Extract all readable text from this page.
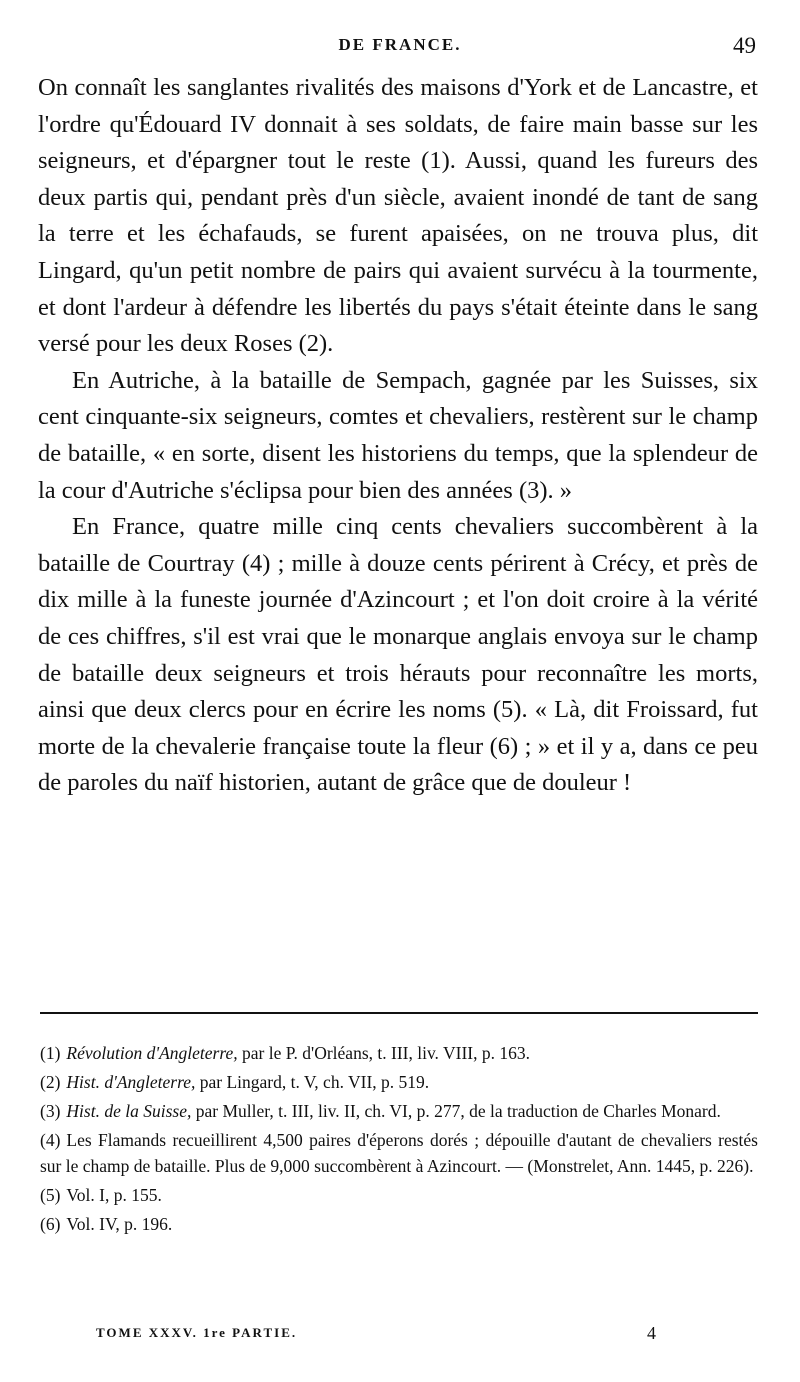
DE FRANCE.	49

On connaît les sanglantes rivalités des maisons d'York et de Lancastre, et l'ordre qu'Édouard IV donnait à ses soldats, de faire main basse sur les seigneurs, et d'épargner tout le reste (1). Aussi, quand les fureurs des deux partis qui, pendant près d'un siècle, avaient inondé de tant de sang la terre et les échafauds, se furent apaisées, on ne trouva plus, dit Lingard, qu'un petit nombre de pairs qui avaient survécu à la tourmente, et dont l'ardeur à défendre les libertés du pays s'était éteinte dans le sang versé pour les deux Roses (2).

En Autriche, à la bataille de Sempach, gagnée par les Suisses, six cent cinquante-six seigneurs, comtes et chevaliers, restèrent sur le champ de bataille, « en sorte, disent les historiens du temps, que la splendeur de la cour d'Autriche s'éclipsa pour bien des années (3). »

En France, quatre mille cinq cents chevaliers succombèrent à la bataille de Courtray (4) ; mille à douze cents périrent à Crécy, et près de dix mille à la funeste journée d'Azincourt ; et l'on doit croire à la vérité de ces chiffres, s'il est vrai que le monarque anglais envoya sur le champ de bataille deux seigneurs et trois hérauts pour reconnaître les morts, ainsi que deux clercs pour en écrire les noms (5). « Là, dit Froissard, fut morte de la chevalerie française toute la fleur (6) ; » et il y a, dans ce peu de paroles du naïf historien, autant de grâce que de douleur !

(1) Révolution d'Angleterre, par le P. d'Orléans, t. III, liv. VIII, p. 163.

(2) Hist. d'Angleterre, par Lingard, t. V, ch. VII, p. 519.

(3) Hist. de la Suisse, par Muller, t. III, liv. II, ch. VI, p. 277, de la traduction de Charles Monard.

(4) Les Flamands recueillirent 4,500 paires d'éperons dorés ; dépouille d'autant de chevaliers restés sur le champ de bataille. Plus de 9,000 succombèrent à Azincourt. — (Monstrelet, Ann. 1445, p. 226).

(5) Vol. I, p. 155.

(6) Vol. IV, p. 196.

TOME XXXV. 1re PARTIE.	4
